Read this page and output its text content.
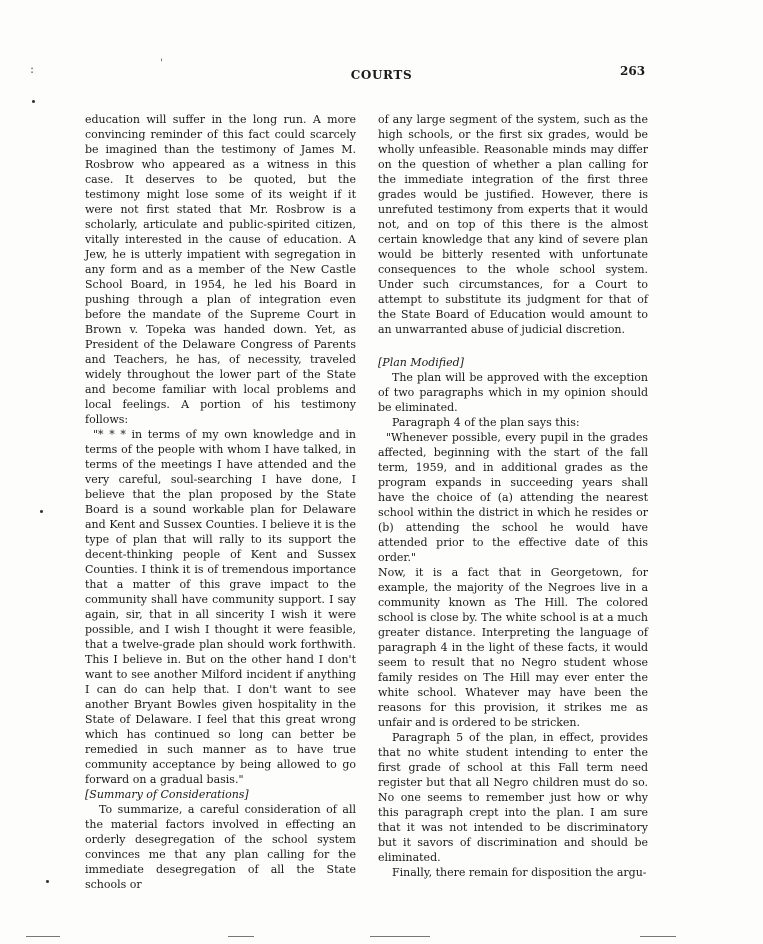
:	'
COURTS	263

education will suffer in the long run. A more convincing reminder of this fact could scarcely be imagined than the testimony of James M. Rosbrow who appeared as a witness in this case. It deserves to be quoted, but the testimony might lose some of its weight if it were not first stated that Mr. Rosbrow is a scholarly, articulate and public-spirited citizen, vitally interested in the cause of education. A Jew, he is utterly impatient with segregation in any form and as a member of the New Castle School Board, in 1954, he led his Board in pushing through a plan of integration even before the mandate of the Supreme Court in Brown v. Topeka was handed down. Yet, as President of the Delaware Congress of Parents and Teachers, he has, of necessity, traveled widely throughout the lower part of the State and become familiar with local problems and local feelings. A portion of his testimony follows:

"* * * in terms of my own knowledge and in terms of the people with whom I have talked, in terms of the meetings I have attended and the very careful, soul-searching I have done, I believe that the plan proposed by the State Board is a sound workable plan for Delaware and Kent and Sussex Counties. I believe it is the type of plan that will rally to its support the decent-thinking people of Kent and Sussex Counties. I think it is of tremendous importance that a matter of this grave impact to the community shall have community support. I say again, sir, that in all sincerity I wish it were possible, and I wish I thought it were feasible, that a twelve-grade plan should work forthwith. This I believe in. But on the other hand I don't want to see another Milford incident if anything I can do can help that. I don't want to see another Bryant Bowles given hospitality in the State of Delaware. I feel that this great wrong which has continued so long can better be remedied in such manner as to have true community acceptance by being allowed to go forward on a gradual basis."

[Summary of Considerations]

To summarize, a careful consideration of all the material factors involved in effecting an orderly desegregation of the school system convinces me that any plan calling for the immediate desegregation of all the State schools or

of any large segment of the system, such as the high schools, or the first six grades, would be wholly unfeasible. Reasonable minds may differ on the question of whether a plan calling for the immediate integration of the first three grades would be justified. However, there is unrefuted testimony from experts that it would not, and on top of this there is the almost certain knowledge that any kind of severe plan would be bitterly resented with unfortunate consequences to the whole school system. Under such circumstances, for a Court to attempt to substitute its judgment for that of the State Board of Education would amount to an unwarranted abuse of judicial discretion.

[Plan Modified]

The plan will be approved with the exception of two paragraphs which in my opinion should be eliminated.

Paragraph 4 of the plan says this:

"Whenever possible, every pupil in the grades affected, beginning with the start of the fall term, 1959, and in additional grades as the program expands in succeeding years shall have the choice of (a) attending the nearest school within the district in which he resides or (b) attending the school he would have attended prior to the effective date of this order."

Now, it is a fact that in Georgetown, for example, the majority of the Negroes live in a community known as The Hill. The colored school is close by. The white school is at a much greater distance. Interpreting the language of paragraph 4 in the light of these facts, it would seem to result that no Negro student whose family resides on The Hill may ever enter the white school. Whatever may have been the reasons for this provision, it strikes me as unfair and is ordered to be stricken.

Paragraph 5 of the plan, in effect, provides that no white student intending to enter the first grade of school at this Fall term need register but that all Negro children must do so. No one seems to remember just how or why this paragraph crept into the plan. I am sure that it was not intended to be discriminatory but it savors of discrimination and should be eliminated.

Finally, there remain for disposition the argu-
